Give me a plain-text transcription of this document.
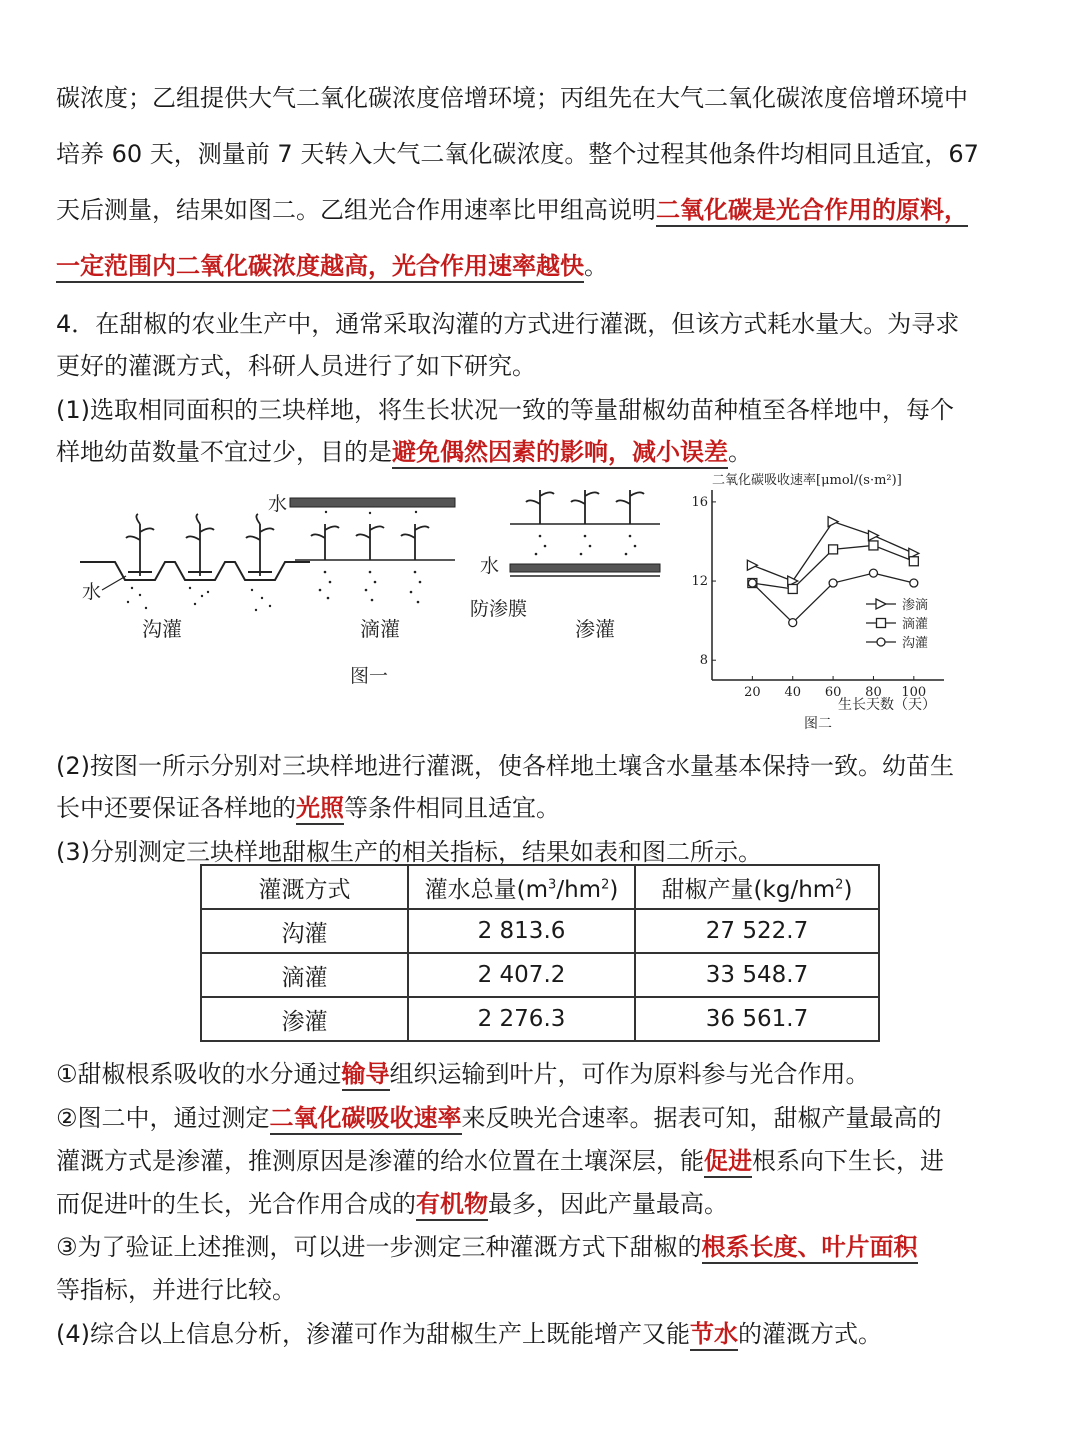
碳浓度；乙组提供大气二氧化碳浓度倍增环境；丙组先在大气二氧化碳浓度倍增环境中
培养 60 天，测量前 7 天转入大气二氧化碳浓度。整个过程其他条件均相同且适宜，67
天后测量，结果如图二。乙组光合作用速率比甲组高说明二氧化碳是光合作用的原料，
一定范围内二氧化碳浓度越高，光合作用速率越快。
4．在甜椒的农业生产中，通常采取沟灌的方式进行灌溉，但该方式耗水量大。为寻求
更好的灌溉方式，科研人员进行了如下研究。
(1)选取相同面积的三块样地，将生长状况一致的等量甜椒幼苗种植至各样地中，每个
样地幼苗数量不宜过少，目的是避免偶然因素的影响，减小误差。
水
沟灌
水
滴灌
水
防渗膜
渗灌
图一
二氧化碳吸收速率[μmol/(s·m²)]
20 40 60 80 100
8
12
16
渗滴
滴灌
沟灌
生长天数（天）
图二
(2)按图一所示分别对三块样地进行灌溉，使各样地土壤含水量基本保持一致。幼苗生
长中还要保证各样地的光照等条件相同且适宜。
(3)分别测定三块样地甜椒生产的相关指标，结果如表和图二所示。
灌溉方式	灌水总量$(m^3/hm^2)$	甜椒产量$(kg/hm^2)$
沟灌	2 813.6	27 522.7
滴灌	2 407.2	33 548.7
渗灌	2 276.3	36 561.7
①甜椒根系吸收的水分通过输导组织运输到叶片，可作为原料参与光合作用。
②图二中，通过测定二氧化碳吸收速率来反映光合速率。据表可知，甜椒产量最高的
灌溉方式是渗灌，推测原因是渗灌的给水位置在土壤深层，能促进根系向下生长，进
而促进叶的生长，光合作用合成的有机物最多，因此产量最高。
③为了验证上述推测，可以进一步测定三种灌溉方式下甜椒的根系长度、叶片面积
等指标，并进行比较。
(4)综合以上信息分析，渗灌可作为甜椒生产上既能增产又能节水的灌溉方式。
